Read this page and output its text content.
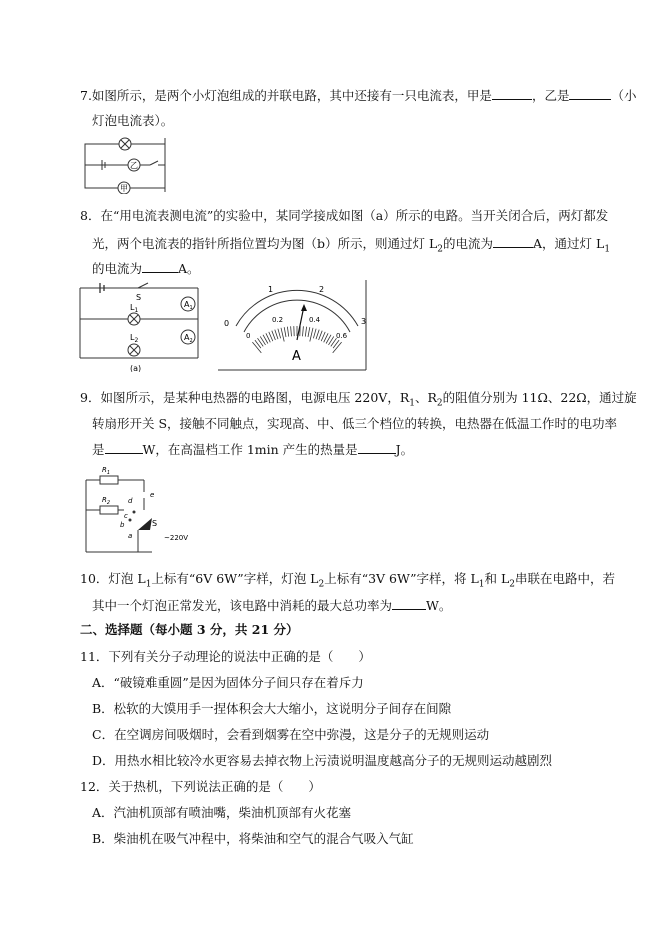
7.如图所示，是两个小灯泡组成的并联电路，其中还接有一只电流表，甲是	，乙是	（小
灯泡电流表）。
乙
甲
8．在“用电流表测电流”的实验中，某同学接成如图（a）所示的电路。当开关闭合后，两灯都发
光，两个电流表的指针所指位置均为图（b）所示，则通过灯 $L_2$的电流为	A，通过灯 $L_1$
的电流为	A。
S
$L_1$
$L_2$
$A_1$
$A_2$
(a)
0
1	2
3
0
0.2	0.4
0.6
A
9．如图所示，是某种电热器的电路图，电源电压 220V，$R_1$、$R_2$的阻值分别为 11Ω、22Ω，通过旋
转扇形开关 S，接触不同触点，实现高、中、低三个档位的转换，电热器在低温工作时的电功率
是	W，在高温档工作 1min 产生的热量是	J。
$R_1$
$R_2$
e
d
c
b
a
S
~220V
10．灯泡 $L_1$上标有“6V 6W”字样，灯泡 $L_2$上标有“3V 6W”字样，将 $L_1$和 $L_2$串联在电路中，若
其中一个灯泡正常发光，该电路中消耗的最大总功率为	W。
二、选择题（每小题 3 分，共 21 分）
11．下列有关分子动理论的说法中正确的是（　　）
A．“破镜难重圆”是因为固体分子间只存在着斥力
B．松软的大馍用手一捏体积会大大缩小，这说明分子间存在间隙
C．在空调房间吸烟时，会看到烟雾在空中弥漫，这是分子的无规则运动
D．用热水相比较冷水更容易去掉衣物上污渍说明温度越高分子的无规则运动越剧烈
12．关于热机，下列说法正确的是（　　）
A．汽油机顶部有喷油嘴，柴油机顶部有火花塞
B．柴油机在吸气冲程中，将柴油和空气的混合气吸入气缸
